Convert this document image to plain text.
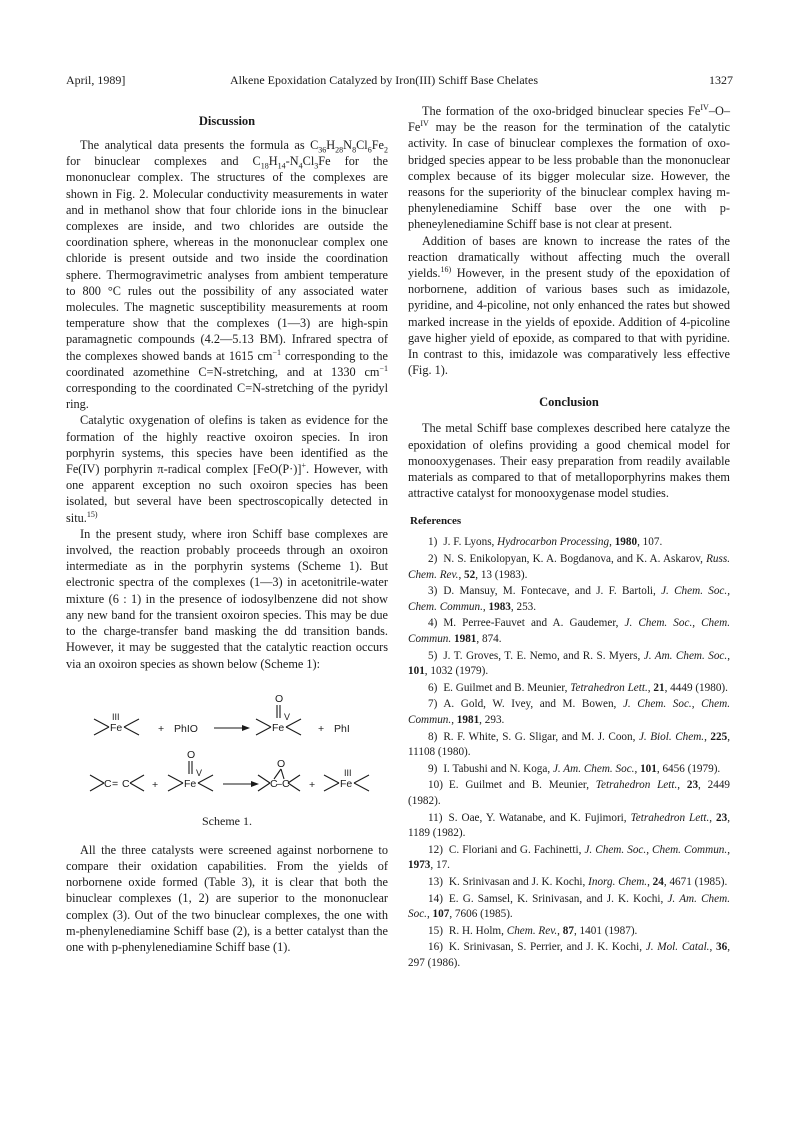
April, 1989]	Alkene Epoxidation Catalyzed by Iron(III) Schiff Base Chelates	1327
Discussion

The analytical data presents the formula as $C_{36}H_{28}N_8Cl_6Fe_2$ for binuclear complexes and $C_{18}H_{14}-N_4Cl_3Fe$ for the mononuclear complex. The structures of the complexes are shown in Fig. 2. Molecular conductivity measurements in water and in methanol show that four chloride ions in the binuclear complexes are inside, and two chlorides are outside the coordination sphere, whereas in the mononuclear complex one chloride is present outside and two inside the coordination sphere. Thermogravimetric analyses from ambient temperature to 800 °C rules out the possibility of any associated water molecules. The magnetic susceptibility measurements at room temperature show that the complexes (1—3) are high-spin paramagnetic compounds (4.2—5.13 BM). Infrared spectra of the complexes showed bands at 1615 $cm^{-1}$ corresponding to the coordinated azomethine C=N-stretching, and at 1330 $cm^{-1}$ corresponding to the coordinated C=N-stretching of the pyridyl ring.

Catalytic oxygenation of olefins is taken as evidence for the formation of the highly reactive oxoiron species. In iron porphyrin systems, this species have been identified as the Fe(IV) porphyrin π-radical complex [FeO(P·)]+. However, with one apparent exception no such oxoiron species has been isolated, but several have been spectroscopically detected in situ.$^{15)}$

In the present study, where iron Schiff base complexes are involved, the reaction probably proceeds through an oxoiron intermediate as in the porphyrin systems (Scheme 1). But electronic spectra of the complexes (1—3) in acetonitrile-water mixture (6 : 1) in the presence of iodosylbenzene did not show any new band for the transient oxoiron species. This may be due to the charge-transfer band masking the dd transition bands. However, it may be suggested that the catalytic reaction occurs via an oxoiron species as shown below (Scheme 1):

Fe
III
+ PhIO	Fe
V
O
+ PhI
C = C + Fe
V
O
C
– C
O
+ Fe
III
Scheme 1.

All the three catalysts were screened against norbornene to compare their oxidation capabilities. From the yields of norbornene oxide formed (Table 3), it is clear that both the binuclear complexes (1, 2) are superior to the mononuclear complex (3). Out of the two binuclear complexes, the one with m-phenylenediamine Schiff base (2), is a better catalyst than the one with p-phenylenediamine Schiff base (1).

The formation of the oxo-bridged binuclear species $Fe^{IV}-O-Fe^{IV}$ may be the reason for the termination of the catalytic activity. In case of binuclear complexes the formation of oxo-bridged species appear to be less probable than the mononuclear complex because of its bigger molecular size. However, the reasons for the superiority of the binuclear complex having m-phenylenediamine Schiff base over the one with p-pheneylenediamine Schiff base is not clear at present.

Addition of bases are known to increase the rates of the reaction dramatically without affecting much the overall yields.$^{16)}$ However, in the present study of the epoxidation of norbornene, addition of various bases such as imidazole, pyridine, and 4-picoline, not only enhanced the rates but showed marked increase in the yields of epoxide. Addition of 4-picoline gave higher yield of epoxide, as compared to that with pyridine. In contrast to this, imidazole was comparatively less effective (Fig. 1).

Conclusion

The metal Schiff base complexes described here catalyze the epoxidation of olefins providing a good chemical model for monooxygenases. Their easy preparation from readily available materials as compared to that of metalloporphyrins makes them attractive catalyst for monooxygenase model studies.

References
1) J. F. Lyons, Hydrocarbon Processing, 1980, 107.
2) N. S. Enikolopyan, K. A. Bogdanova, and K. A. Askarov, Russ. Chem. Rev., 52, 13 (1983).
3) D. Mansuy, M. Fontecave, and J. F. Bartoli, J. Chem. Soc., Chem. Commun., 1983, 253.
4) M. Perree-Fauvet and A. Gaudemer, J. Chem. Soc., Chem. Commun. 1981, 874.
5) J. T. Groves, T. E. Nemo, and R. S. Myers, J. Am. Chem. Soc., 101, 1032 (1979).
6) E. Guilmet and B. Meunier, Tetrahedron Lett., 21, 4449 (1980).
7) A. Gold, W. Ivey, and M. Bowen, J. Chem. Soc., Chem. Commun., 1981, 293.
8) R. F. White, S. G. Sligar, and M. J. Coon, J. Biol. Chem., 225, 11108 (1980).
9) I. Tabushi and N. Koga, J. Am. Chem. Soc., 101, 6456 (1979).
10) E. Guilmet and B. Meunier, Tetrahedron Lett., 23, 2449 (1982).
11) S. Oae, Y. Watanabe, and K. Fujimori, Tetrahedron Lett., 23, 1189 (1982).
12) C. Floriani and G. Fachinetti, J. Chem. Soc., Chem. Commun., 1973, 17.
13) K. Srinivasan and J. K. Kochi, Inorg. Chem., 24, 4671 (1985).
14) E. G. Samsel, K. Srinivasan, and J. K. Kochi, J. Am. Chem. Soc., 107, 7606 (1985).
15) R. H. Holm, Chem. Rev., 87, 1401 (1987).
16) K. Srinivasan, S. Perrier, and J. K. Kochi, J. Mol. Catal., 36, 297 (1986).
